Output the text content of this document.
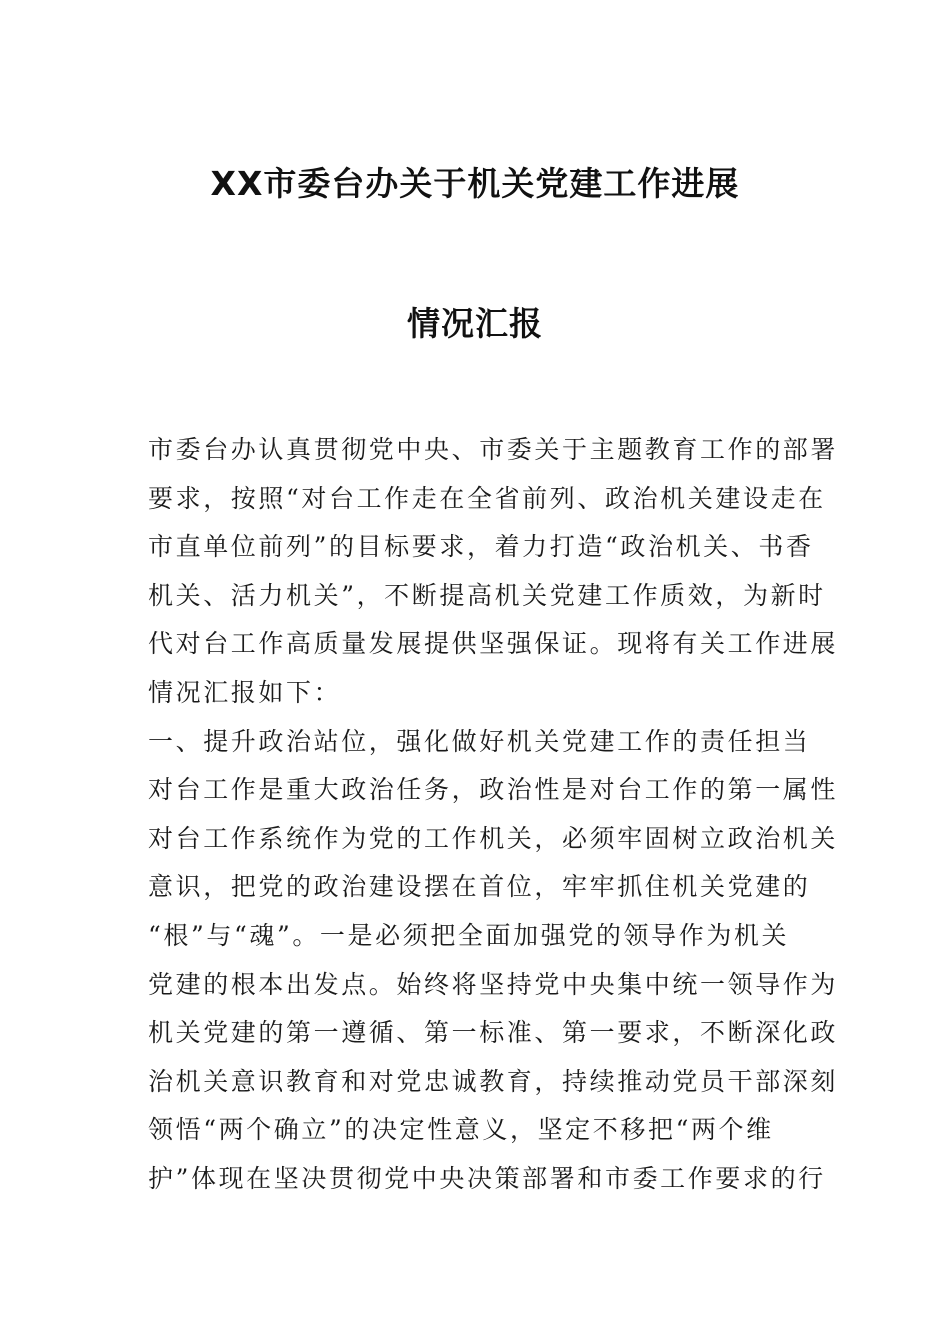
XX市委台办关于机关党建工作进展
情况汇报
市委台办认真贯彻党中央、市委关于主题教育工作的部署
要求，按照“对台工作走在全省前列、政治机关建设走在
市直单位前列”的目标要求，着力打造“政治机关、书香
机关、活力机关”，不断提高机关党建工作质效，为新时
代对台工作高质量发展提供坚强保证。现将有关工作进展
情况汇报如下：
一、提升政治站位，强化做好机关党建工作的责任担当
对台工作是重大政治任务，政治性是对台工作的第一属性
对台工作系统作为党的工作机关，必须牢固树立政治机关
意识，把党的政治建设摆在首位，牢牢抓住机关党建的
“根”与“魂”。一是必须把全面加强党的领导作为机关
党建的根本出发点。始终将坚持党中央集中统一领导作为
机关党建的第一遵循、第一标准、第一要求，不断深化政
治机关意识教育和对党忠诚教育，持续推动党员干部深刻
领悟“两个确立”的决定性意义，坚定不移把“两个维
护”体现在坚决贯彻党中央决策部署和市委工作要求的行
